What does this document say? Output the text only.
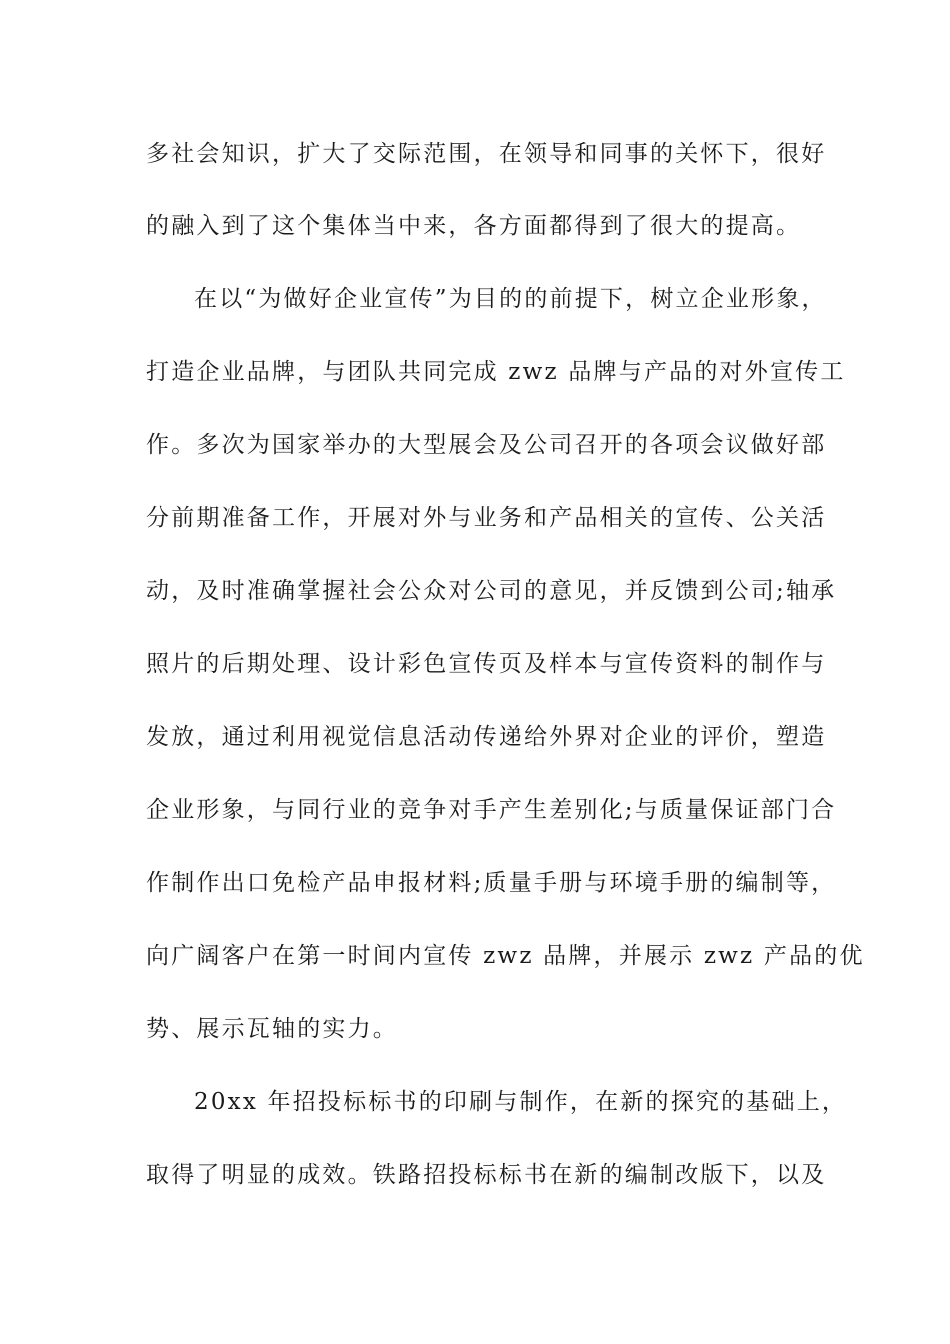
多社会知识，扩大了交际范围，在领导和同事的关怀下，很好
的融入到了这个集体当中来，各方面都得到了很大的提高。
在以“为做好企业宣传”为目的的前提下，树立企业形象，
打造企业品牌，与团队共同完成 zwz 品牌与产品的对外宣传工
作。多次为国家举办的大型展会及公司召开的各项会议做好部
分前期准备工作，开展对外与业务和产品相关的宣传、公关活
动，及时准确掌握社会公众对公司的意见，并反馈到公司;轴承
照片的后期处理、设计彩色宣传页及样本与宣传资料的制作与
发放，通过利用视觉信息活动传递给外界对企业的评价，塑造
企业形象，与同行业的竞争对手产生差别化;与质量保证部门合
作制作出口免检产品申报材料;质量手册与环境手册的编制等，
向广阔客户在第一时间内宣传 zwz 品牌，并展示 zwz 产品的优
势、展示瓦轴的实力。
20xx 年招投标标书的印刷与制作，在新的探究的基础上，
取得了明显的成效。铁路招投标标书在新的编制改版下，以及
